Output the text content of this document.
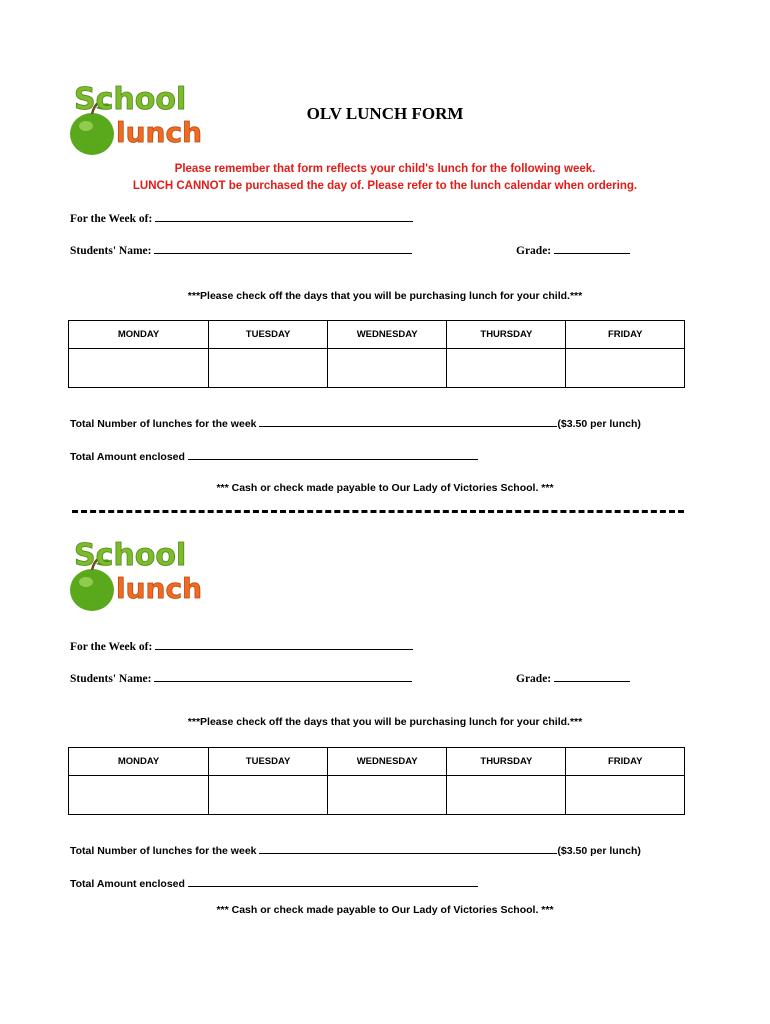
School
lunch
OLV LUNCH FORM
Please remember that form reflects your child's lunch for the following week.
LUNCH CANNOT be purchased the day of. Please refer to the lunch calendar when ordering.
For the Week of:
Students' Name:	Grade:
***Please check off the days that you will be purchasing lunch for your child.***
MONDAY	TUESDAY	WEDNESDAY	THURSDAY	FRIDAY

Total Number of lunches for the week	($3.50 per lunch)
Total Amount enclosed
*** Cash or check made payable to Our Lady of Victories School. ***
School
lunch
For the Week of:
Students' Name:	Grade:
***Please check off the days that you will be purchasing lunch for your child.***
MONDAY	TUESDAY	WEDNESDAY	THURSDAY	FRIDAY

Total Number of lunches for the week	($3.50 per lunch)
Total Amount enclosed
*** Cash or check made payable to Our Lady of Victories School. ***
